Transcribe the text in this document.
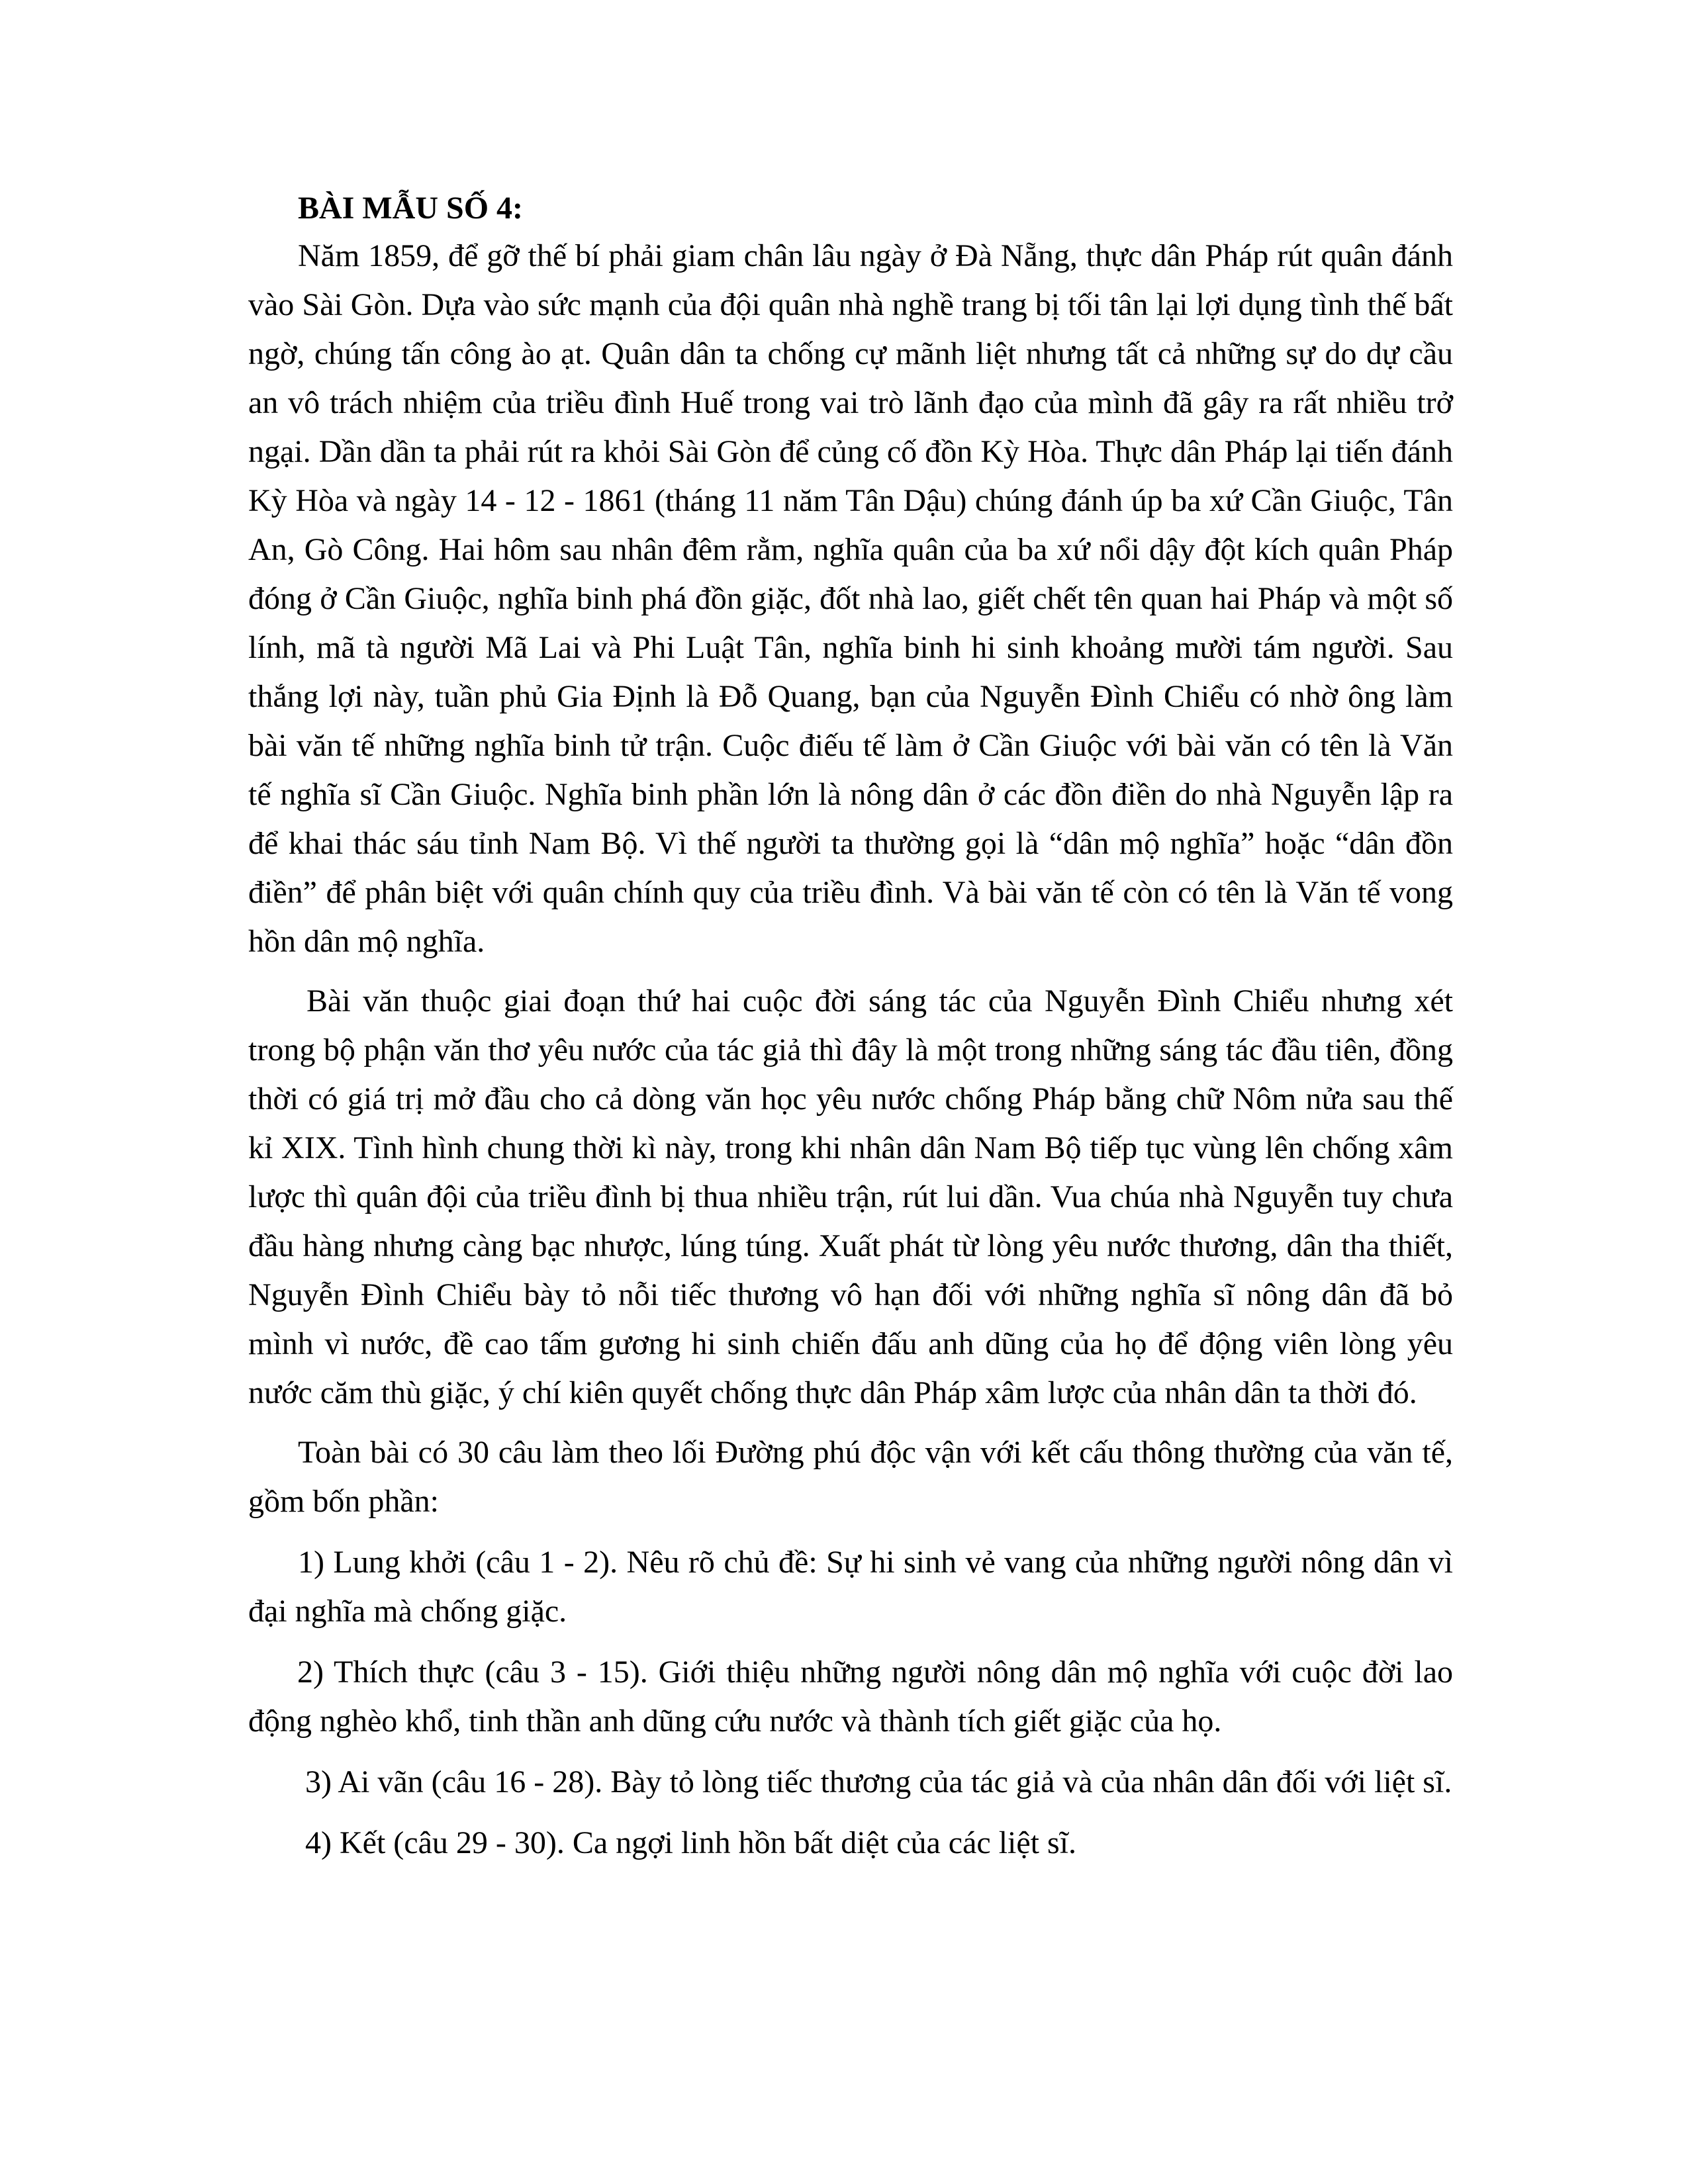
BÀI MẪU SỐ 4:

Năm 1859, để gỡ thế bí phải giam chân lâu ngày ở Đà Nẵng, thực dân Pháp rút quân đánh vào Sài Gòn. Dựa vào sức mạnh của đội quân nhà nghề trang bị tối tân lại lợi dụng tình thế bất ngờ, chúng tấn công ào ạt. Quân dân ta chống cự mãnh liệt nhưng tất cả những sự do dự cầu an vô trách nhiệm của triều đình Huế trong vai trò lãnh đạo của mình đã gây ra rất nhiều trở ngại. Dần dần ta phải rút ra khỏi Sài Gòn để củng cố đồn Kỳ Hòa. Thực dân Pháp lại tiến đánh Kỳ Hòa và ngày 14 - 12 - 1861 (tháng 11 năm Tân Dậu) chúng đánh úp ba xứ Cần Giuộc, Tân An, Gò Công. Hai hôm sau nhân đêm rằm, nghĩa quân của ba xứ nổi dậy đột kích quân Pháp đóng ở Cần Giuộc, nghĩa binh phá đồn giặc, đốt nhà lao, giết chết tên quan hai Pháp và một số lính, mã tà người Mã Lai và Phi Luật Tân, nghĩa binh hi sinh khoảng mười tám người. Sau thắng lợi này, tuần phủ Gia Định là Đỗ Quang, bạn của Nguyễn Đình Chiểu có nhờ ông làm bài văn tế những nghĩa binh tử trận. Cuộc điếu tế làm ở Cần Giuộc với bài văn có tên là Văn tế nghĩa sĩ Cần Giuộc. Nghĩa binh phần lớn là nông dân ở các đồn điền do nhà Nguyễn lập ra để khai thác sáu tỉnh Nam Bộ. Vì thế người ta thường gọi là “dân mộ nghĩa” hoặc “dân đồn điền” để phân biệt với quân chính quy của triều đình. Và bài văn tế còn có tên là Văn tế vong hồn dân mộ nghĩa.

Bài văn thuộc giai đoạn thứ hai cuộc đời sáng tác của Nguyễn Đình Chiểu nhưng xét trong bộ phận văn thơ yêu nước của tác giả thì đây là một trong những sáng tác đầu tiên, đồng thời có giá trị mở đầu cho cả dòng văn học yêu nước chống Pháp bằng chữ Nôm nửa sau thế kỉ XIX. Tình hình chung thời kì này, trong khi nhân dân Nam Bộ tiếp tục vùng lên chống xâm lược thì quân đội của triều đình bị thua nhiều trận, rút lui dần. Vua chúa nhà Nguyễn tuy chưa đầu hàng nhưng càng bạc nhược, lúng túng. Xuất phát từ lòng yêu nước thương, dân tha thiết, Nguyễn Đình Chiểu bày tỏ nỗi tiếc thương vô hạn đối với những nghĩa sĩ nông dân đã bỏ mình vì nước, đề cao tấm gương hi sinh chiến đấu anh dũng của họ để động viên lòng yêu nước căm thù giặc, ý chí kiên quyết chống thực dân Pháp xâm lược của nhân dân ta thời đó.

Toàn bài có 30 câu làm theo lối Đường phú độc vận với kết cấu thông thường của văn tế, gồm bốn phần:

1) Lung khởi (câu 1 - 2). Nêu rõ chủ đề: Sự hi sinh vẻ vang của những người nông dân vì đại nghĩa mà chống giặc.

2) Thích thực (câu 3 - 15). Giới thiệu những người nông dân mộ nghĩa với cuộc đời lao động nghèo khổ, tinh thần anh dũng cứu nước và thành tích giết giặc của họ.

3) Ai vãn (câu 16 - 28). Bày tỏ lòng tiếc thương của tác giả và của nhân dân đối với liệt sĩ.

4) Kết (câu 29 - 30). Ca ngợi linh hồn bất diệt của các liệt sĩ.
